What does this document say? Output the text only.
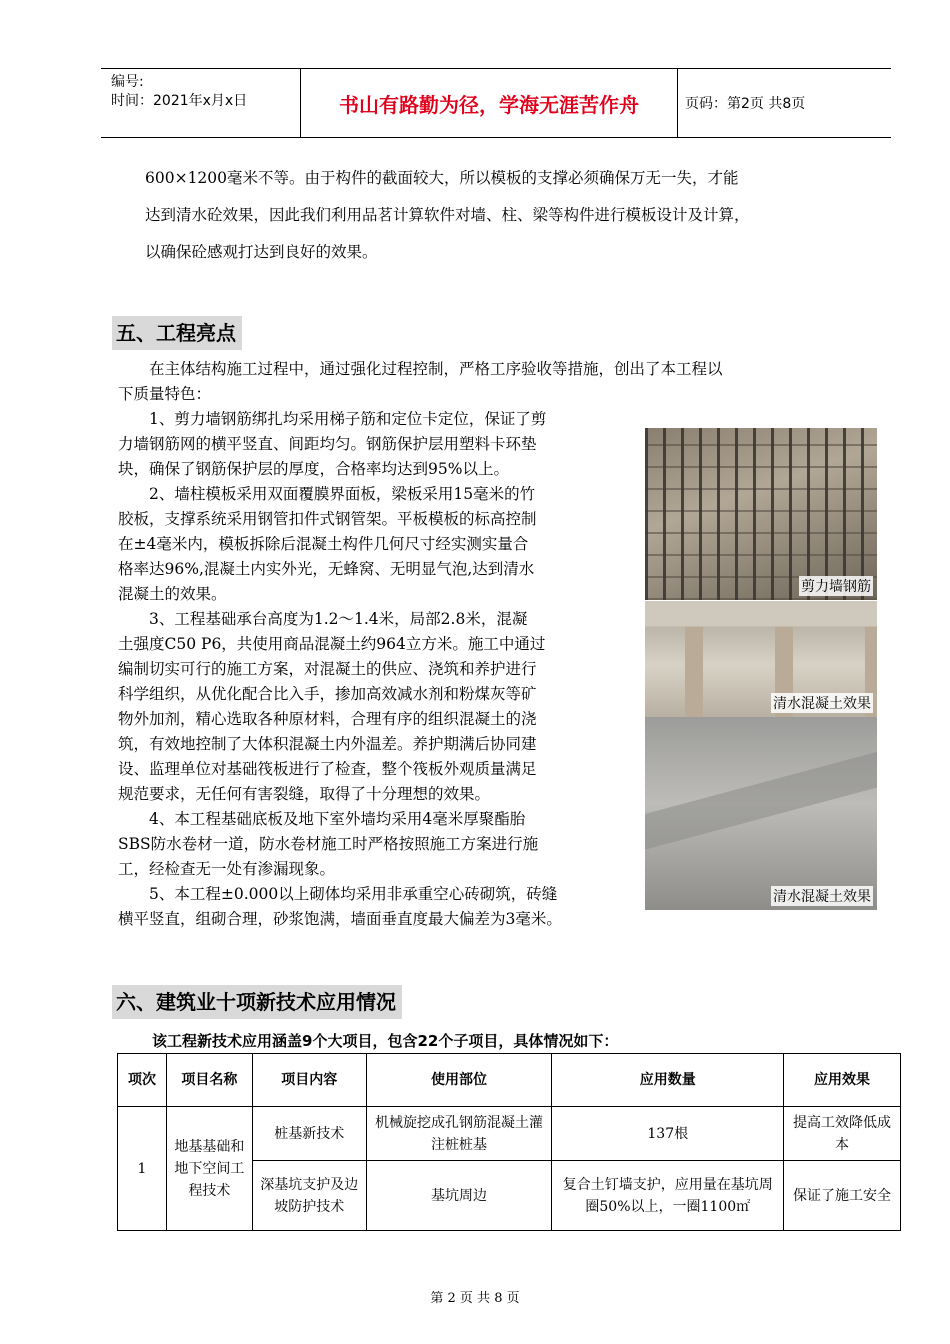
编号:
时间：2021年x月x日	书山有路勤为径，学海无涯苦作舟	页码：第2页 共8页
600×1200毫米不等。由于构件的截面较大，所以模板的支撑必须确保万无一失，才能
达到清水砼效果，因此我们利用品茗计算软件对墙、柱、梁等构件进行模板设计及计算，
以确保砼感观打达到良好的效果。
五、工程亮点
　　在主体结构施工过程中，通过强化过程控制，严格工序验收等措施，创出了本工程以
下质量特色：
　　1、剪力墙钢筋绑扎均采用梯子筋和定位卡定位，保证了剪
力墙钢筋网的横平竖直、间距均匀。钢筋保护层用塑料卡环垫
块，确保了钢筋保护层的厚度，合格率均达到95%以上。
　　2、墙柱模板采用双面覆膜界面板，梁板采用15毫米的竹
胶板，支撑系统采用钢管扣件式钢管架。平板模板的标高控制
在±4毫米内，模板拆除后混凝土构件几何尺寸经实测实量合
格率达96%,混凝土内实外光，无蜂窝、无明显气泡,达到清水
混凝土的效果。
　　3、工程基础承台高度为1.2～1.4米，局部2.8米，混凝
土强度C50 P6，共使用商品混凝土约964立方米。施工中通过
编制切实可行的施工方案，对混凝土的供应、浇筑和养护进行
科学组织，从优化配合比入手，掺加高效减水剂和粉煤灰等矿
物外加剂，精心选取各种原材料，合理有序的组织混凝土的浇
筑，有效地控制了大体积混凝土内外温差。养护期满后协同建
设、监理单位对基础筏板进行了检查，整个筏板外观质量满足
规范要求，无任何有害裂缝，取得了十分理想的效果。
　　4、本工程基础底板及地下室外墙均采用4毫米厚聚酯胎
SBS防水卷材一道，防水卷材施工时严格按照施工方案进行施
工，经检查无一处有渗漏现象。
　　5、本工程±0.000以上砌体均采用非承重空心砖砌筑，砖缝
横平竖直，组砌合理，砂浆饱满，墙面垂直度最大偏差为3毫米。
剪力墙钢筋
清水混凝土效果
清水混凝土效果
六、建筑业十项新技术应用情况
该工程新技术应用涵盖9个大项目，包含22个子项目，具体情况如下：
项次	项目名称	项目内容	使用部位	应用数量	应用效果
1	地基基础和地下空间工程技术	桩基新技术	机械旋挖成孔钢筋混凝土灌注桩桩基	137根	提高工效降低成本
		深基坑支护及边坡防护技术	基坑周边	复合土钉墙支护，应用量在基坑周圈50%以上，一圈1100㎡	保证了施工安全
第 2 页 共 8 页
